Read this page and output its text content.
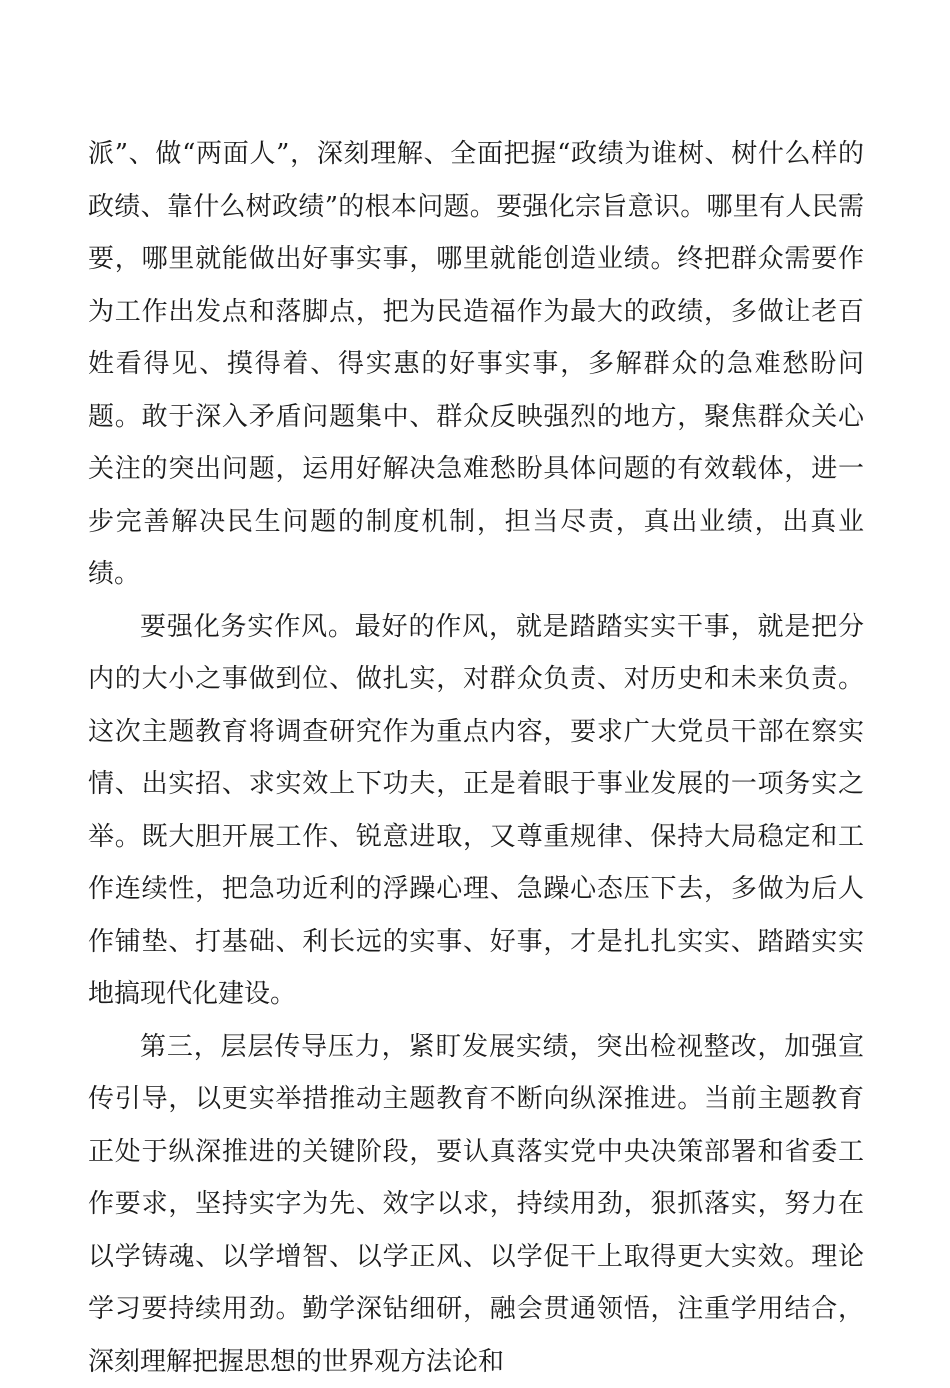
派”、做“两面人”，深刻理解、全面把握“政绩为谁树、树什么样的政绩、靠什么树政绩”的根本问题。要强化宗旨意识。哪里有人民需要，哪里就能做出好事实事，哪里就能创造业绩。终把群众需要作为工作出发点和落脚点，把为民造福作为最大的政绩，多做让老百姓看得见、摸得着、得实惠的好事实事，多解群众的急难愁盼问题。敢于深入矛盾问题集中、群众反映强烈的地方，聚焦群众关心关注的突出问题，运用好解决急难愁盼具体问题的有效载体，进一步完善解决民生问题的制度机制，担当尽责，真出业绩，出真业绩。

要强化务实作风。最好的作风，就是踏踏实实干事，就是把分内的大小之事做到位、做扎实，对群众负责、对历史和未来负责。这次主题教育将调查研究作为重点内容，要求广大党员干部在察实情、出实招、求实效上下功夫，正是着眼于事业发展的一项务实之举。既大胆开展工作、锐意进取，又尊重规律、保持大局稳定和工作连续性，把急功近利的浮躁心理、急躁心态压下去，多做为后人作铺垫、打基础、利长远的实事、好事，才是扎扎实实、踏踏实实地搞现代化建设。

第三，层层传导压力，紧盯发展实绩，突出检视整改，加强宣传引导，以更实举措推动主题教育不断向纵深推进。当前主题教育正处于纵深推进的关键阶段，要认真落实党中央决策部署和省委工作要求，坚持实字为先、效字以求，持续用劲，狠抓落实，努力在以学铸魂、以学增智、以学正风、以学促干上取得更大实效。理论学习要持续用劲。勤学深钻细研，融会贯通领悟，注重学用结合，深刻理解把握思想的世界观方法论和
